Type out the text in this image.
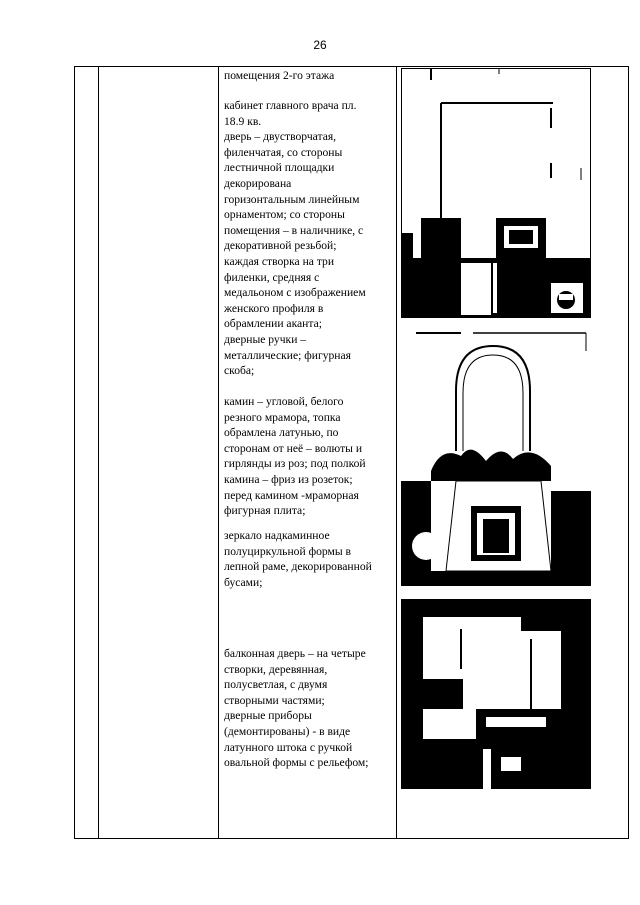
26
помещения 2-го этажа
кабинет главного врача пл.
18.9 кв.
дверь – двустворчатая,
филенчатая, со стороны
лестничной площадки
декорирована
горизонтальным линейным
орнаментом; со стороны
помещения – в наличнике, с
декоративной резьбой;
каждая створка на три
филенки, средняя с
медальоном с изображением
женского профиля в
обрамлении аканта;
дверные ручки –
металлические; фигурная
скоба;
камин – угловой, белого
резного мрамора, топка
обрамлена латунью, по
сторонам от неё – волюты и
гирлянды из роз; под полкой
камина – фриз из розеток;
перед камином -мраморная
фигурная плита;
зеркало надкаминное
полуциркульной формы в
лепной раме, декорированной
бусами;
балконная дверь – на четыре
створки, деревянная,
полусветлая, с двумя
створными частями;
дверные приборы
(демонтированы) - в виде
латунного штока с ручкой
овальной формы с рельефом;
